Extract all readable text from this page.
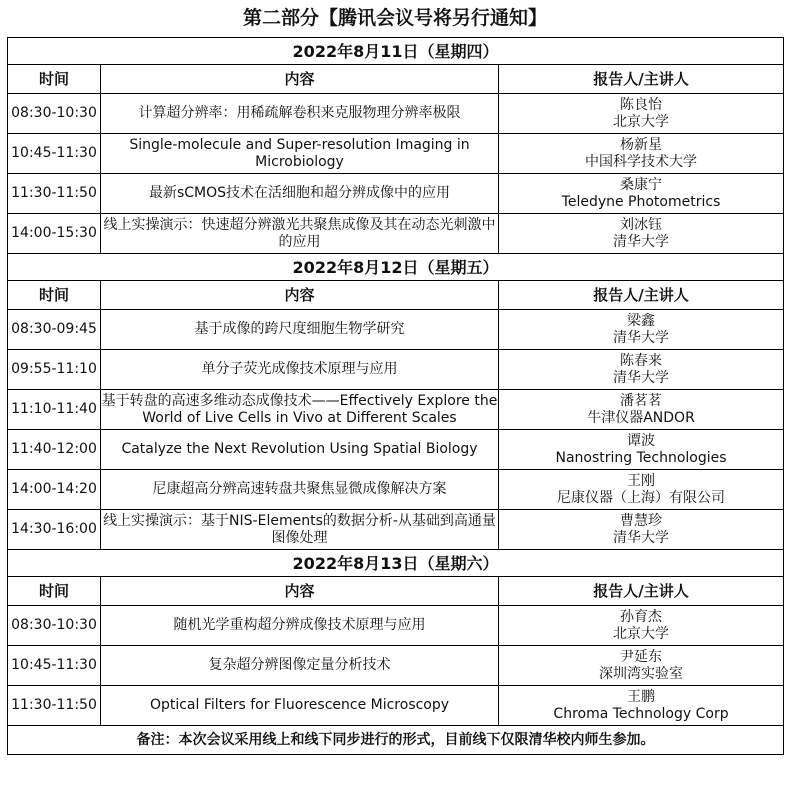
第二部分【腾讯会议号将另行通知】
2022年8月11日（星期四）		
时间	内容	报告人/主讲人
08:30-10:30	计算超分辨率：用稀疏解卷积来克服物理分辨率极限	陈良怡
北京大学

10:45-11:30	Single-molecule and Super-resolution Imaging in Microbiology	杨新星
中国科学技术大学

11:30-11:50	最新sCMOS技术在活细胞和超分辨成像中的应用	桑康宁
Teledyne Photometrics

14:00-15:30	线上实操演示：快速超分辨激光共聚焦成像及其在动态光刺激中的应用	刘冰钰
清华大学

2022年8月12日（星期五）		
时间	内容	报告人/主讲人
08:30-09:45	基于成像的跨尺度细胞生物学研究	梁鑫
清华大学

09:55-11:10	单分子荧光成像技术原理与应用	陈春来
清华大学

11:10-11:40	基于转盘的高速多维动态成像技术——Effectively Explore the World of Live Cells in Vivo at Different Scales	潘茗茗
牛津仪器ANDOR

11:40-12:00	Catalyze the Next Revolution Using Spatial Biology	谭波
Nanostring Technologies

14:00-14:20	尼康超高分辨高速转盘共聚焦显微成像解决方案	王刚
尼康仪器（上海）有限公司

14:30-16:00	线上实操演示：基于NIS-Elements的数据分析-从基础到高通量图像处理	曹慧珍
清华大学

2022年8月13日（星期六）		
时间	内容	报告人/主讲人
08:30-10:30	随机光学重构超分辨成像技术原理与应用	孙育杰
北京大学

10:45-11:30	复杂超分辨图像定量分析技术	尹延东
深圳湾实验室

11:30-11:50	Optical Filters for Fluorescence Microscopy	王鹏
Chroma Technology Corp

备注：本次会议采用线上和线下同步进行的形式，目前线下仅限清华校内师生参加。		
